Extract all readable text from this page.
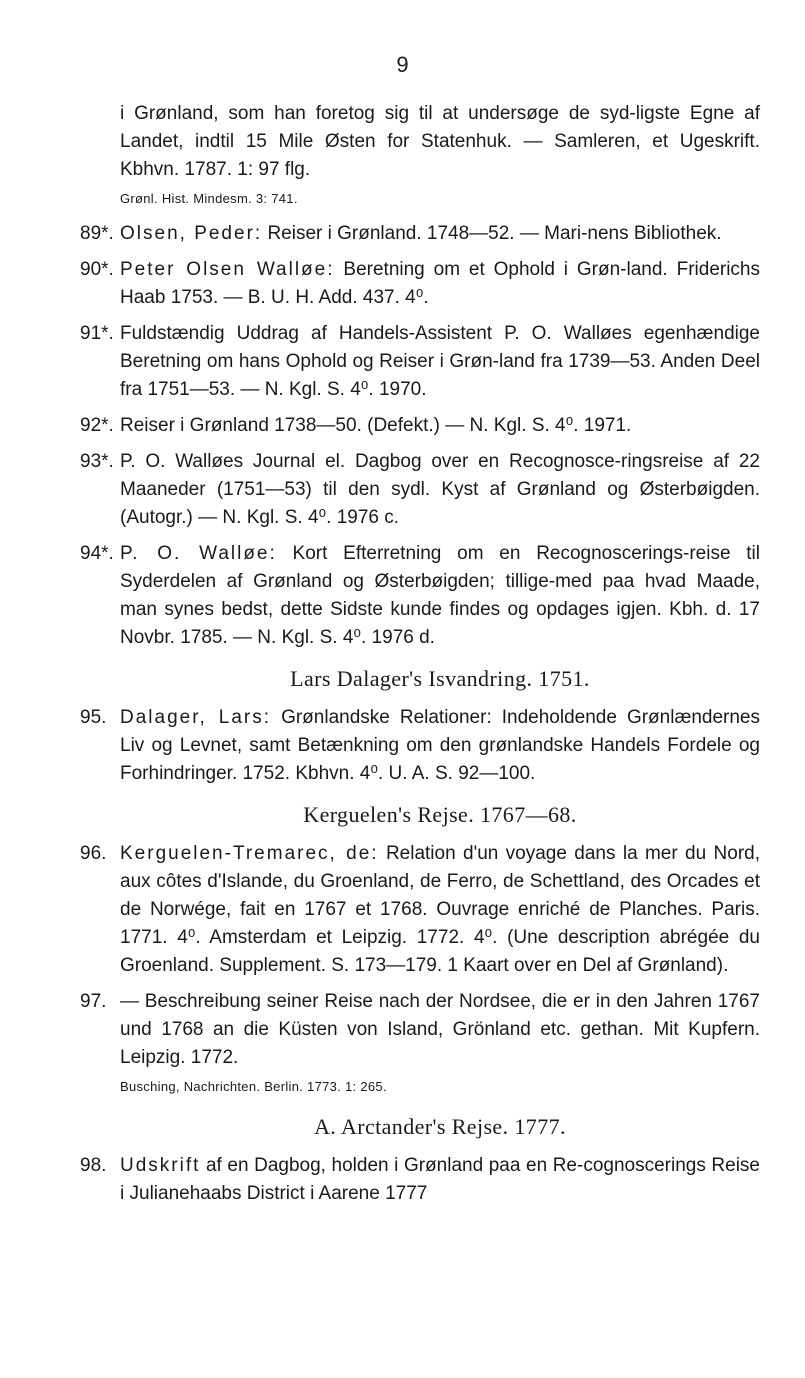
9
i Grønland, som han foretog sig til at undersøge de syd-ligste Egne af Landet, indtil 15 Mile Østen for Statenhuk. — Samleren, et Ugeskrift. Kbhvn. 1787. 1: 97 flg.
Grønl. Hist. Mindesm. 3: 741.
89*. Olsen, Peder: Reiser i Grønland. 1748—52. — Mari-nens Bibliothek.
90*. Peter Olsen Walløe: Beretning om et Ophold i Grøn-land. Friderichs Haab 1753. — B. U. H. Add. 437. 4⁰.
91*. Fuldstændig Uddrag af Handels-Assistent P. O. Walløes egenhændige Beretning om hans Ophold og Reiser i Grøn-land fra 1739—53. Anden Deel fra 1751—53. — N. Kgl. S. 4⁰. 1970.
92*. Reiser i Grønland 1738—50. (Defekt.) — N. Kgl. S. 4⁰. 1971.
93*. P. O. Walløes Journal el. Dagbog over en Recognosce-ringsreise af 22 Maaneder (1751—53) til den sydl. Kyst af Grønland og Østerbøigden. (Autogr.) — N. Kgl. S. 4⁰. 1976 c.
94*. P. O. Walløe: Kort Efterretning om en Recognoscerings-reise til Syderdelen af Grønland og Østerbøigden; tillige-med paa hvad Maade, man synes bedst, dette Sidste kunde findes og opdages igjen. Kbh. d. 17 Novbr. 1785. — N. Kgl. S. 4⁰. 1976 d.
Lars Dalager's Isvandring. 1751.
95. Dalager, Lars: Grønlandske Relationer: Indeholdende Grønlændernes Liv og Levnet, samt Betænkning om den grønlandske Handels Fordele og Forhindringer. 1752. Kbhvn. 4⁰. U. A. S. 92—100.
Kerguelen's Rejse. 1767—68.
96. Kerguelen-Tremarec, de: Relation d'un voyage dans la mer du Nord, aux côtes d'Islande, du Groenland, de Ferro, de Schettland, des Orcades et de Norwége, fait en 1767 et 1768. Ouvrage enriché de Planches. Paris. 1771. 4⁰. Amsterdam et Leipzig. 1772. 4⁰. (Une description abrégée du Groenland. Supplement. S. 173—179. 1 Kaart over en Del af Grønland).
97. — Beschreibung seiner Reise nach der Nordsee, die er in den Jahren 1767 und 1768 an die Küsten von Island, Grönland etc. gethan. Mit Kupfern. Leipzig. 1772.
Busching, Nachrichten. Berlin. 1773. 1: 265.
A. Arctander's Rejse. 1777.
98. Udskrift af en Dagbog, holden i Grønland paa en Re-cognoscerings Reise i Julianehaabs District i Aarene 1777
